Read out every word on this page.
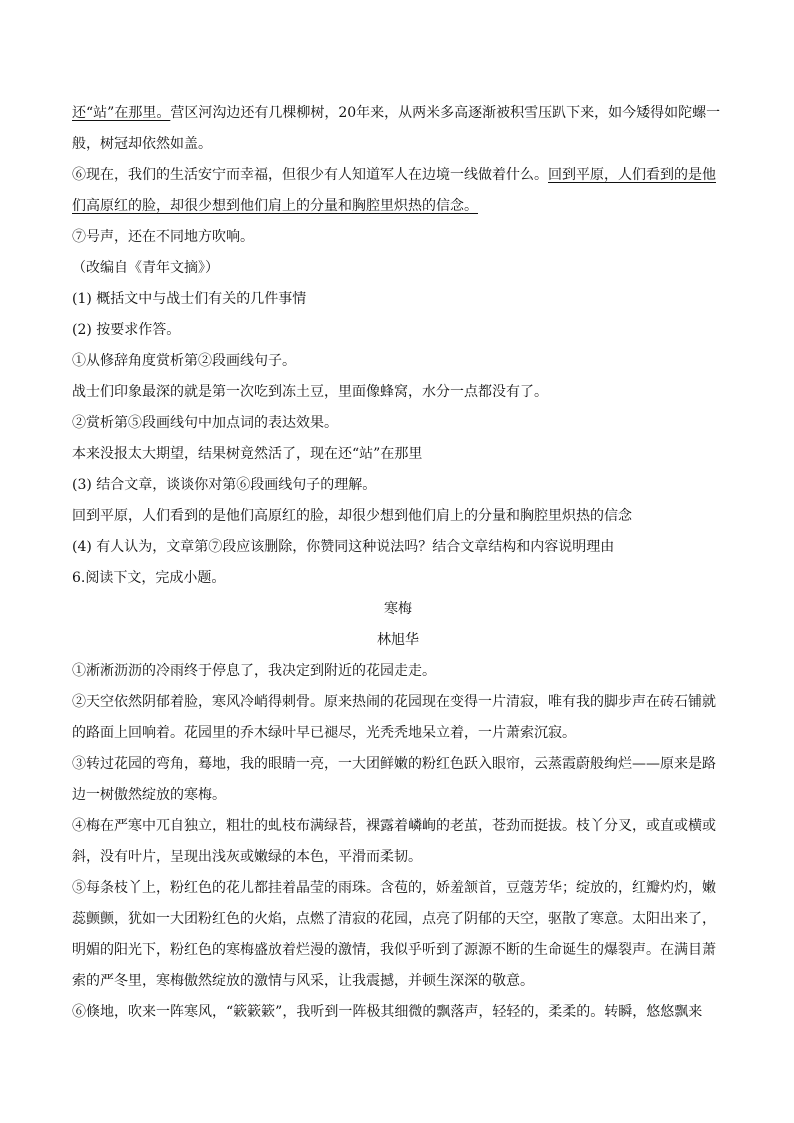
还“站”在那里。营区河沟边还有几棵柳树，20年来，从两米多高逐渐被积雪压趴下来，如今矮得如陀螺一般，树冠却依然如盖。

⑥现在，我们的生活安宁而幸福，但很少有人知道军人在边境一线做着什么。回到平原，人们看到的是他们高原红的脸，却很少想到他们肩上的分量和胸腔里炽热的信念。

⑦号声，还在不同地方吹响。

（改编自《青年文摘》）

(1) 概括文中与战士们有关的几件事情

(2) 按要求作答。

①从修辞角度赏析第②段画线句子。

战士们印象最深的就是第一次吃到冻土豆，里面像蜂窝，水分一点都没有了。

②赏析第⑤段画线句中加点词的表达效果。

本来没报太大期望，结果树竟然活了，现在还“站”在那里

(3) 结合文章，谈谈你对第⑥段画线句子的理解。

回到平原，人们看到的是他们高原红的脸，却很少想到他们肩上的分量和胸腔里炽热的信念

(4) 有人认为，文章第⑦段应该删除，你赞同这种说法吗？结合文章结构和内容说明理由

6.阅读下文，完成小题。

寒梅

林旭华

①淅淅沥沥的冷雨终于停息了，我决定到附近的花园走走。

②天空依然阴郁着脸，寒风冷峭得刺骨。原来热闹的花园现在变得一片清寂，唯有我的脚步声在砖石铺就的路面上回响着。花园里的乔木绿叶早已褪尽，光秃秃地呆立着，一片萧索沉寂。

③转过花园的弯角，蓦地，我的眼睛一亮，一大团鲜嫩的粉红色跃入眼帘，云蒸霞蔚般绚烂——原来是路边一树傲然绽放的寒梅。

④梅在严寒中兀自独立，粗壮的虬枝布满绿苔，裸露着嶙峋的老茧，苍劲而挺拔。枝丫分叉，或直或横或斜，没有叶片，呈现出浅灰或嫩绿的本色，平滑而柔韧。

⑤每条枝丫上，粉红色的花儿都挂着晶莹的雨珠。含苞的，娇羞颔首，豆蔻芳华；绽放的，红瓣灼灼，嫩蕊颤颤，犹如一大团粉红色的火焰，点燃了清寂的花园，点亮了阴郁的天空，驱散了寒意。太阳出来了，明媚的阳光下，粉红色的寒梅盛放着烂漫的激情，我似乎听到了源源不断的生命诞生的爆裂声。在满目萧索的严冬里，寒梅傲然绽放的激情与风采，让我震撼，并顿生深深的敬意。

⑥倏地，吹来一阵寒风，“簌簌簌”，我听到一阵极其细微的飘落声，轻轻的，柔柔的。转瞬，悠悠飘来
